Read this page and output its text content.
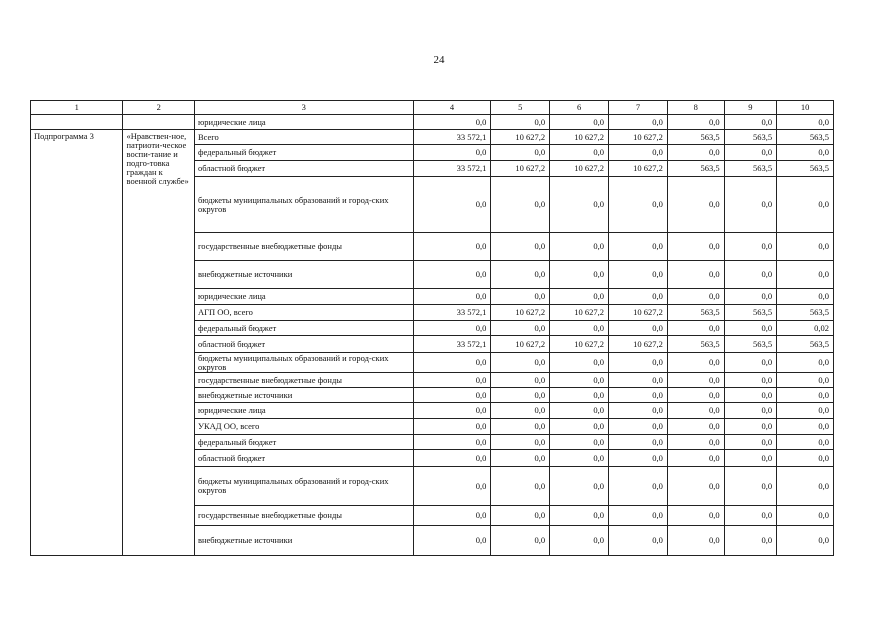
24
1	2	3	4	5	6	7	8	9	10
		юридические лица	0,0	0,0	0,0	0,0	0,0	0,0	0,0
Подпрограмма 3	«Нравствен-ное, патриоти-ческое воспи-тание и подго-товка граждан к военной службе»	Всего	33 572,1	10 627,2	10 627,2	10 627,2	563,5	563,5	563,5
		федеральный бюджет	0,0	0,0	0,0	0,0	0,0	0,0	0,0
		областной бюджет	33 572,1	10 627,2	10 627,2	10 627,2	563,5	563,5	563,5
		бюджеты муниципальных образований и город-ских округов	0,0	0,0	0,0	0,0	0,0	0,0	0,0
		государственные внебюджетные фонды	0,0	0,0	0,0	0,0	0,0	0,0	0,0
		внебюджетные источники	0,0	0,0	0,0	0,0	0,0	0,0	0,0
		юридические лица	0,0	0,0	0,0	0,0	0,0	0,0	0,0
		АГП ОО, всего	33 572,1	10 627,2	10 627,2	10 627,2	563,5	563,5	563,5
		федеральный бюджет	0,0	0,0	0,0	0,0	0,0	0,0	0,02
		областной бюджет	33 572,1	10 627,2	10 627,2	10 627,2	563,5	563,5	563,5
		бюджеты муниципальных образований и город-ских округов	0,0	0,0	0,0	0,0	0,0	0,0	0,0
		государственные внебюджетные фонды	0,0	0,0	0,0	0,0	0,0	0,0	0,0
		внебюджетные источники	0,0	0,0	0,0	0,0	0,0	0,0	0,0
		юридические лица	0,0	0,0	0,0	0,0	0,0	0,0	0,0
		УКАД ОО, всего	0,0	0,0	0,0	0,0	0,0	0,0	0,0
		федеральный бюджет	0,0	0,0	0,0	0,0	0,0	0,0	0,0
		областной бюджет	0,0	0,0	0,0	0,0	0,0	0,0	0,0
		бюджеты муниципальных образований и город-ских округов	0,0	0,0	0,0	0,0	0,0	0,0	0,0
		государственные внебюджетные фонды	0,0	0,0	0,0	0,0	0,0	0,0	0,0
		внебюджетные источники	0,0	0,0	0,0	0,0	0,0	0,0	0,0
